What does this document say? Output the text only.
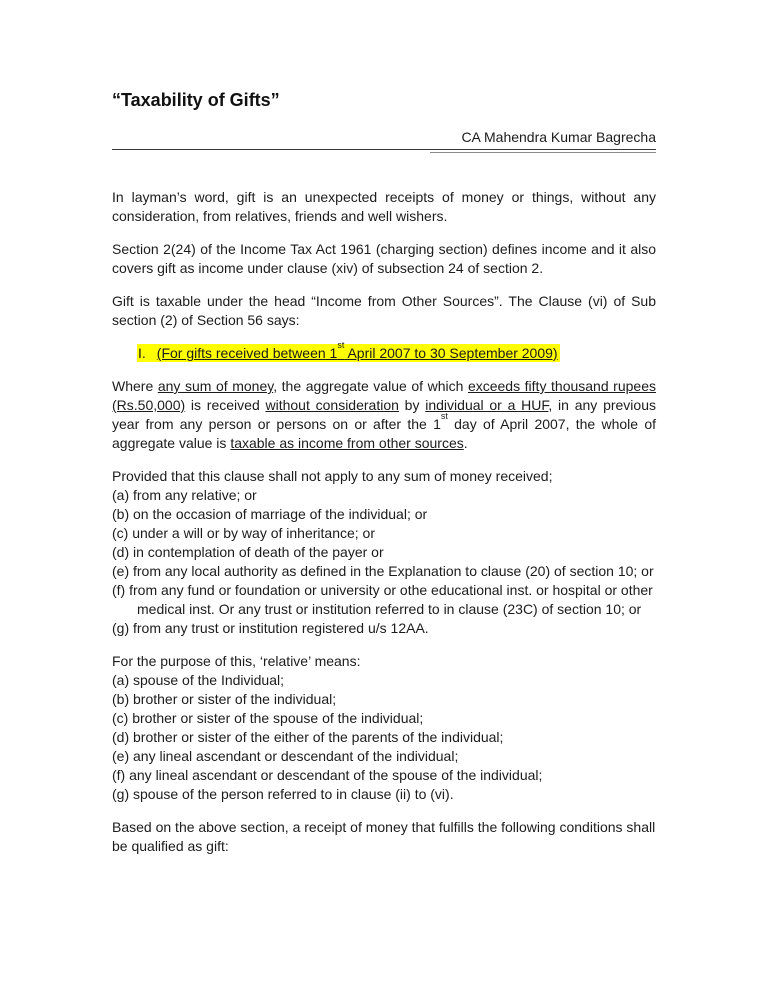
“Taxability of Gifts”
CA Mahendra Kumar Bagrecha

In layman’s word, gift is an unexpected receipts of money or things, without any consideration, from relatives, friends and well wishers.

Section 2(24) of the Income Tax Act 1961 (charging section) defines income and it also covers gift as income under clause (xiv) of subsection 24 of section 2.

Gift is taxable under the head “Income from Other Sources”. The Clause (vi) of Sub section (2) of Section 56 says:

I. (For gifts received between 1st April 2007 to 30 September 2009)

Where any sum of money, the aggregate value of which exceeds fifty thousand rupees (Rs.50,000) is received without consideration by individual or a HUF, in any previous year from any person or persons on or after the 1st day of April 2007, the whole of aggregate value is taxable as income from other sources.

Provided that this clause shall not apply to any sum of money received;
(a) from any relative; or
(b) on the occasion of marriage of the individual; or
(c) under a will or by way of inheritance; or
(d) in contemplation of death of the payer or
(e) from any local authority as defined in the Explanation to clause (20) of section 10; or
(f) from any fund or foundation or university or othe educational inst. or hospital or other medical inst. Or any trust or institution referred to in clause (23C) of section 10; or
(g) from any trust or institution registered u/s 12AA.
For the purpose of this, ‘relative’ means:
(a) spouse of the Individual;
(b) brother or sister of the individual;
(c) brother or sister of the spouse of the individual;
(d) brother or sister of the either of the parents of the individual;
(e) any lineal ascendant or descendant of the individual;
(f) any lineal ascendant or descendant of the spouse of the individual;
(g) spouse of the person referred to in clause (ii) to (vi).

Based on the above section, a receipt of money that fulfills the following conditions shall be qualified as gift:
